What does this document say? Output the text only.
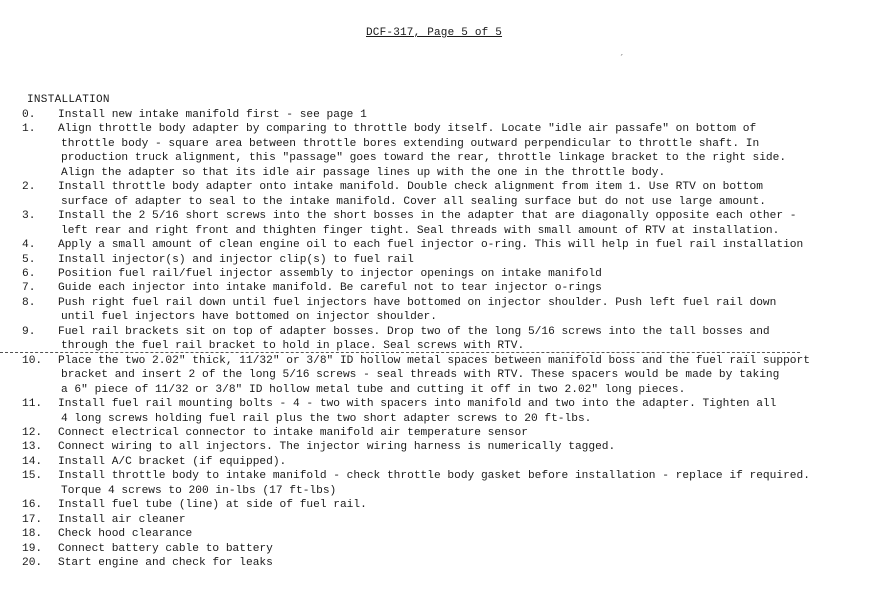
DCF-317, Page 5 of 5
´
INSTALLATION
0.	Install new intake manifold first - see page 1
1.	Align throttle body adapter by comparing to throttle body itself. Locate "idle air passafe" on bottom of
throttle body - square area between throttle bores extending outward perpendicular to throttle shaft. In
production truck alignment, this "passage" goes toward the rear, throttle linkage bracket to the right side.
Align the adapter so that its idle air passage lines up with the one in the throttle body.
2.	Install throttle body adapter onto intake manifold. Double check alignment from item 1. Use RTV on bottom
surface of adapter to seal to the intake manifold. Cover all sealing surface but do not use large amount.
3.	Install the 2 5/16 short screws into the short bosses in the adapter that are diagonally opposite each other -
left rear and right front and thighten finger tight. Seal threads with small amount of RTV at installation.
4.	Apply a small amount of clean engine oil to each fuel injector o-ring. This will help in fuel rail installation
5.	Install injector(s) and injector clip(s) to fuel rail
6.	Position fuel rail/fuel injector assembly to injector openings on intake manifold
7.	Guide each injector into intake manifold. Be careful not to tear injector o-rings
8.	Push right fuel rail down until fuel injectors have bottomed on injector shoulder. Push left fuel rail down
until fuel injectors have bottomed on injector shoulder.
9.	Fuel rail brackets sit on top of adapter bosses. Drop two of the long 5/16 screws into the tall bosses and
through the fuel rail bracket to hold in place. Seal screws with RTV.
10.	Place the two 2.02" thick, 11/32" or 3/8" ID hollow metal spaces between manifold boss and the fuel rail support
bracket and insert 2 of the long 5/16 screws - seal threads with RTV. These spacers would be made by taking
a 6" piece of 11/32 or 3/8" ID hollow metal tube and cutting it off in two 2.02" long pieces.
11.	Install fuel rail mounting bolts - 4 - two with spacers into manifold and two into the adapter. Tighten all
4 long screws holding fuel rail plus the two short adapter screws to 20 ft-lbs.
12.	Connect electrical connector to intake manifold air temperature sensor
13.	Connect wiring to all injectors. The injector wiring harness is numerically tagged.
14.	Install A/C bracket (if equipped).
15.	Install throttle body to intake manifold - check throttle body gasket before installation - replace if required.
Torque 4 screws to 200 in-lbs (17 ft-lbs)
16.	Install fuel tube (line) at side of fuel rail.
17.	Install air cleaner
18.	Check hood clearance
19.	Connect battery cable to battery
20.	Start engine and check for leaks
